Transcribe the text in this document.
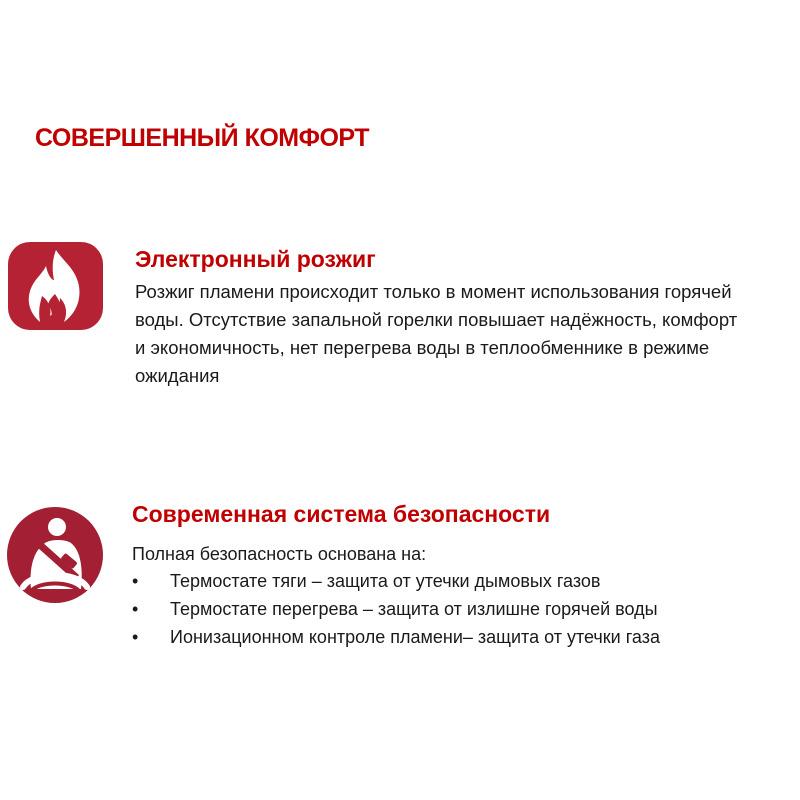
СОВЕРШЕННЫЙ КОМФОРТ
Электронный розжиг

Розжиг пламени происходит только в момент использования горячей воды. Отсутствие запальной горелки повышает надёжность, комфорт и экономичность, нет перегрева воды в теплообменнике в режиме ожидания

Современная система безопасности

Полная безопасность основана на:

• Термостате тяги – защита от утечки дымовых газов
• Термостате перегрева – защита от излишне горячей воды
• Ионизационном контроле пламени– защита от утечки газа
